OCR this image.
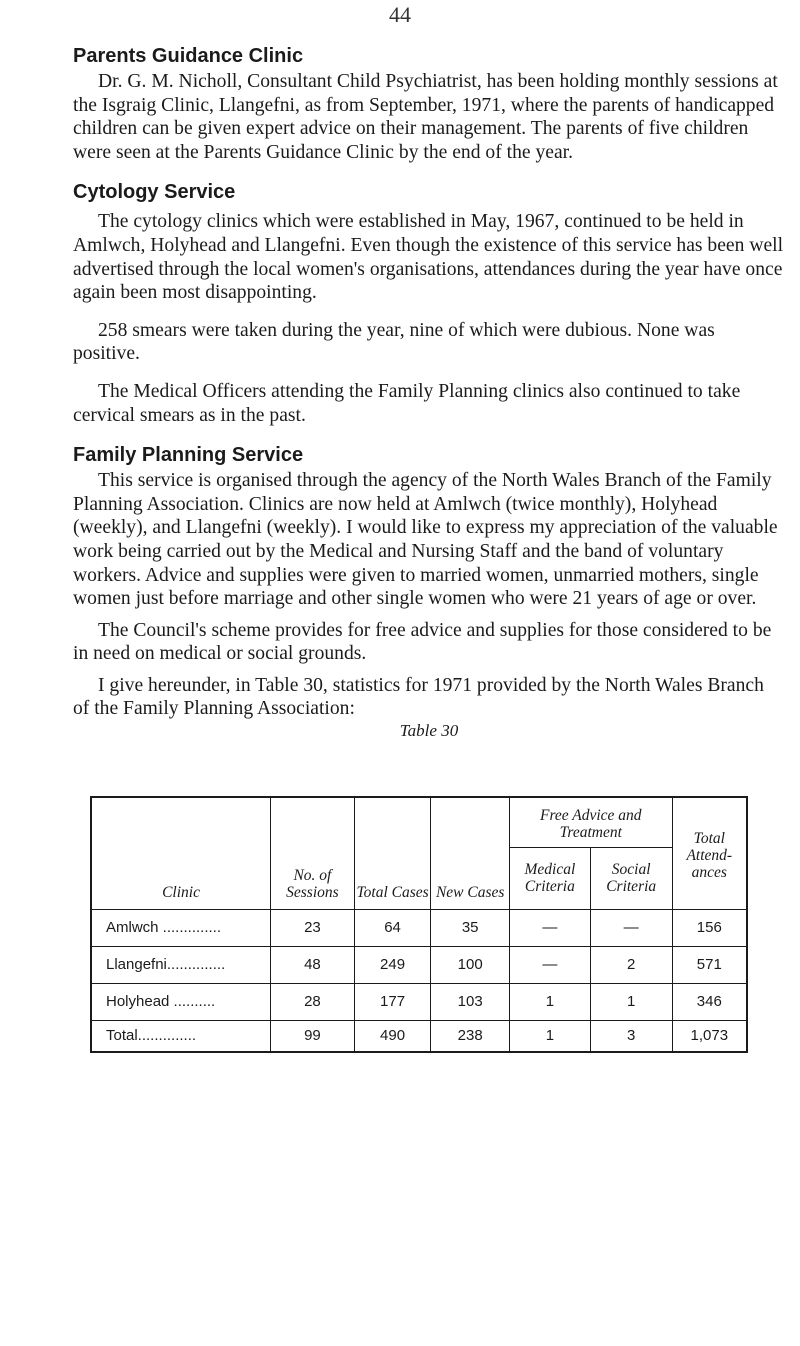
44
Parents Guidance Clinic

Dr. G. M. Nicholl, Consultant Child Psychiatrist, has been holding monthly sessions at the Isgraig Clinic, Llangefni, as from September, 1971, where the parents of handicapped children can be given expert advice on their management. The parents of five children were seen at the Parents Guidance Clinic by the end of the year.

Cytology Service

The cytology clinics which were established in May, 1967, continued to be held in Amlwch, Holyhead and Llangefni. Even though the existence of this service has been well advertised through the local women's organisations, attendances during the year have once again been most disappointing.

258 smears were taken during the year, nine of which were dubious. None was positive.

The Medical Officers attending the Family Planning clinics also continued to take cervical smears as in the past.

Family Planning Service

This service is organised through the agency of the North Wales Branch of the Family Planning Association. Clinics are now held at Amlwch (twice monthly), Holyhead (weekly), and Llangefni (weekly). I would like to express my appreciation of the valuable work being carried out by the Medical and Nursing Staff and the band of voluntary workers. Advice and supplies were given to married women, unmarried mothers, single women just before marriage and other single women who were 21 years of age or over.

The Council's scheme provides for free advice and supplies for those considered to be in need on medical or social grounds.

I give hereunder, in Table 30, statistics for 1971 provided by the North Wales Branch of the Family Planning Association:

Table 30
Clinic	No. of Sessions	Total Cases	New Cases	Free Advice and Treatment		Total Attend- ances
				Medical Criteria	Social Criteria	
Amlwch ..............	23	64	35	—	—	156
Llangefni..............	48	249	100	—	2	571
Holyhead ..........	28	177	103	1	1	346
Total..............	99	490	238	1	3	1,073
